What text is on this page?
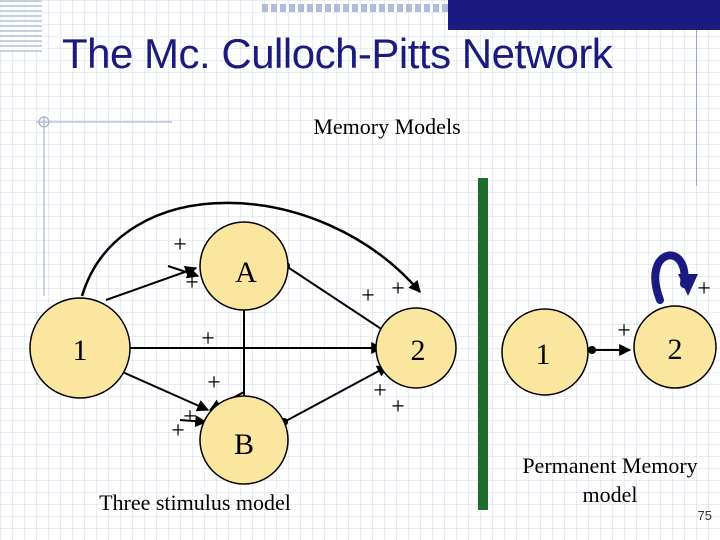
The Mc. Culloch-Pitts Network
Memory Models
A
B
1	2
+
+
+
+
+
+
+ +
+
+
1	2
+
+
Three stimulus model
Permanent Memory model
75
